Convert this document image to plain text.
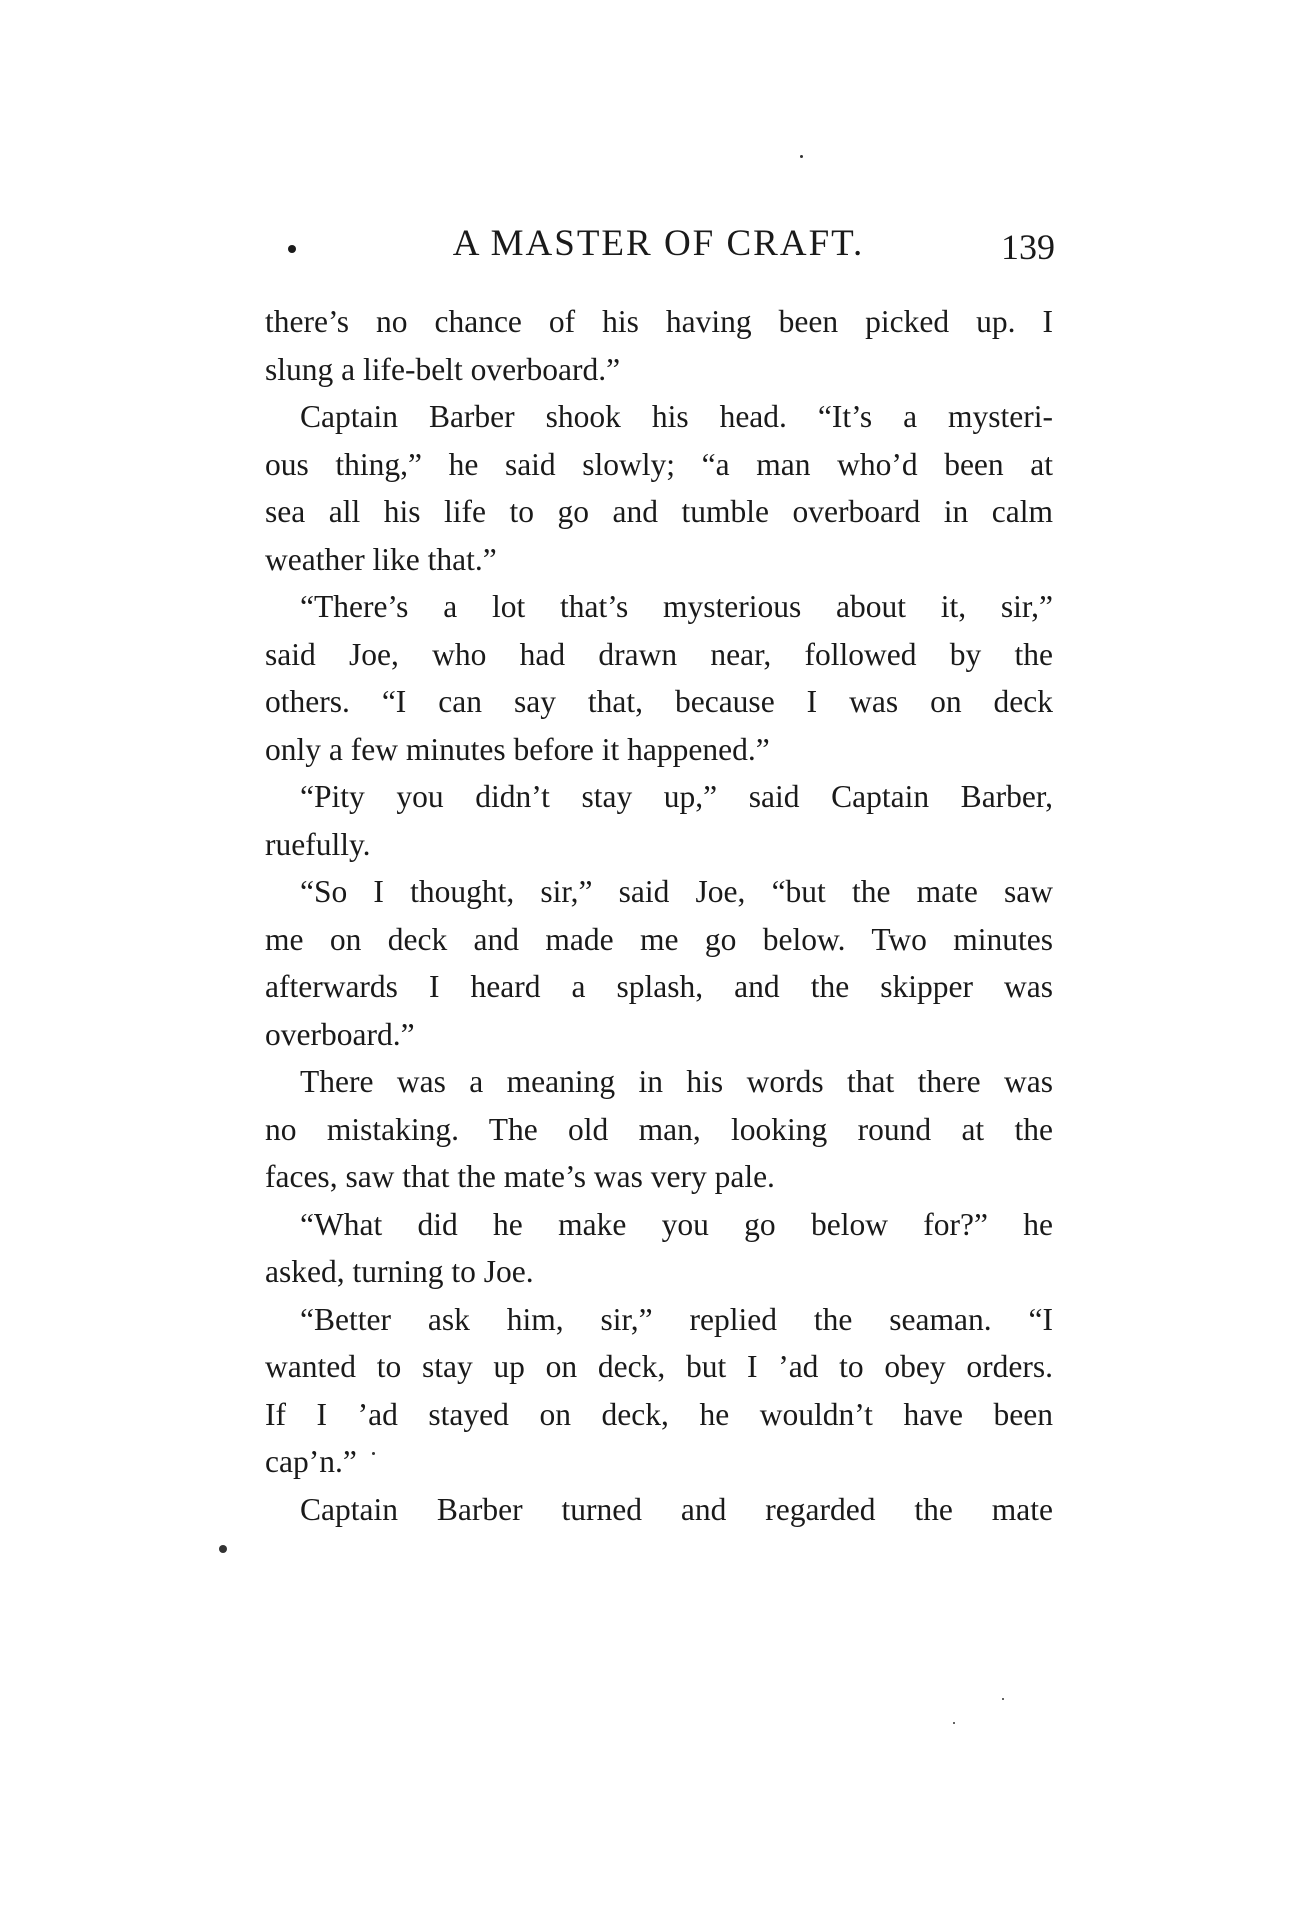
A MASTER OF CRAFT.	139
there’s no chance of his having been picked up. I
slung a life-belt overboard.”
Captain Barber shook his head. “It’s a mysteri-
ous thing,” he said slowly; “a man who’d been at
sea all his life to go and tumble overboard in calm
weather like that.”
“There’s a lot that’s mysterious about it, sir,”
said Joe, who had drawn near, followed by the
others. “I can say that, because I was on deck
only a few minutes before it happened.”
“Pity you didn’t stay up,” said Captain Barber,
ruefully.
“So I thought, sir,” said Joe, “but the mate saw
me on deck and made me go below. Two minutes
afterwards I heard a splash, and the skipper was
overboard.”
There was a meaning in his words that there was
no mistaking. The old man, looking round at the
faces, saw that the mate’s was very pale.
“What did he make you go below for?” he
asked, turning to Joe.
“Better ask him, sir,” replied the seaman. “I
wanted to stay up on deck, but I ’ad to obey orders.
If I ’ad stayed on deck, he wouldn’t have been
cap’n.”
Captain Barber turned and regarded the mate
